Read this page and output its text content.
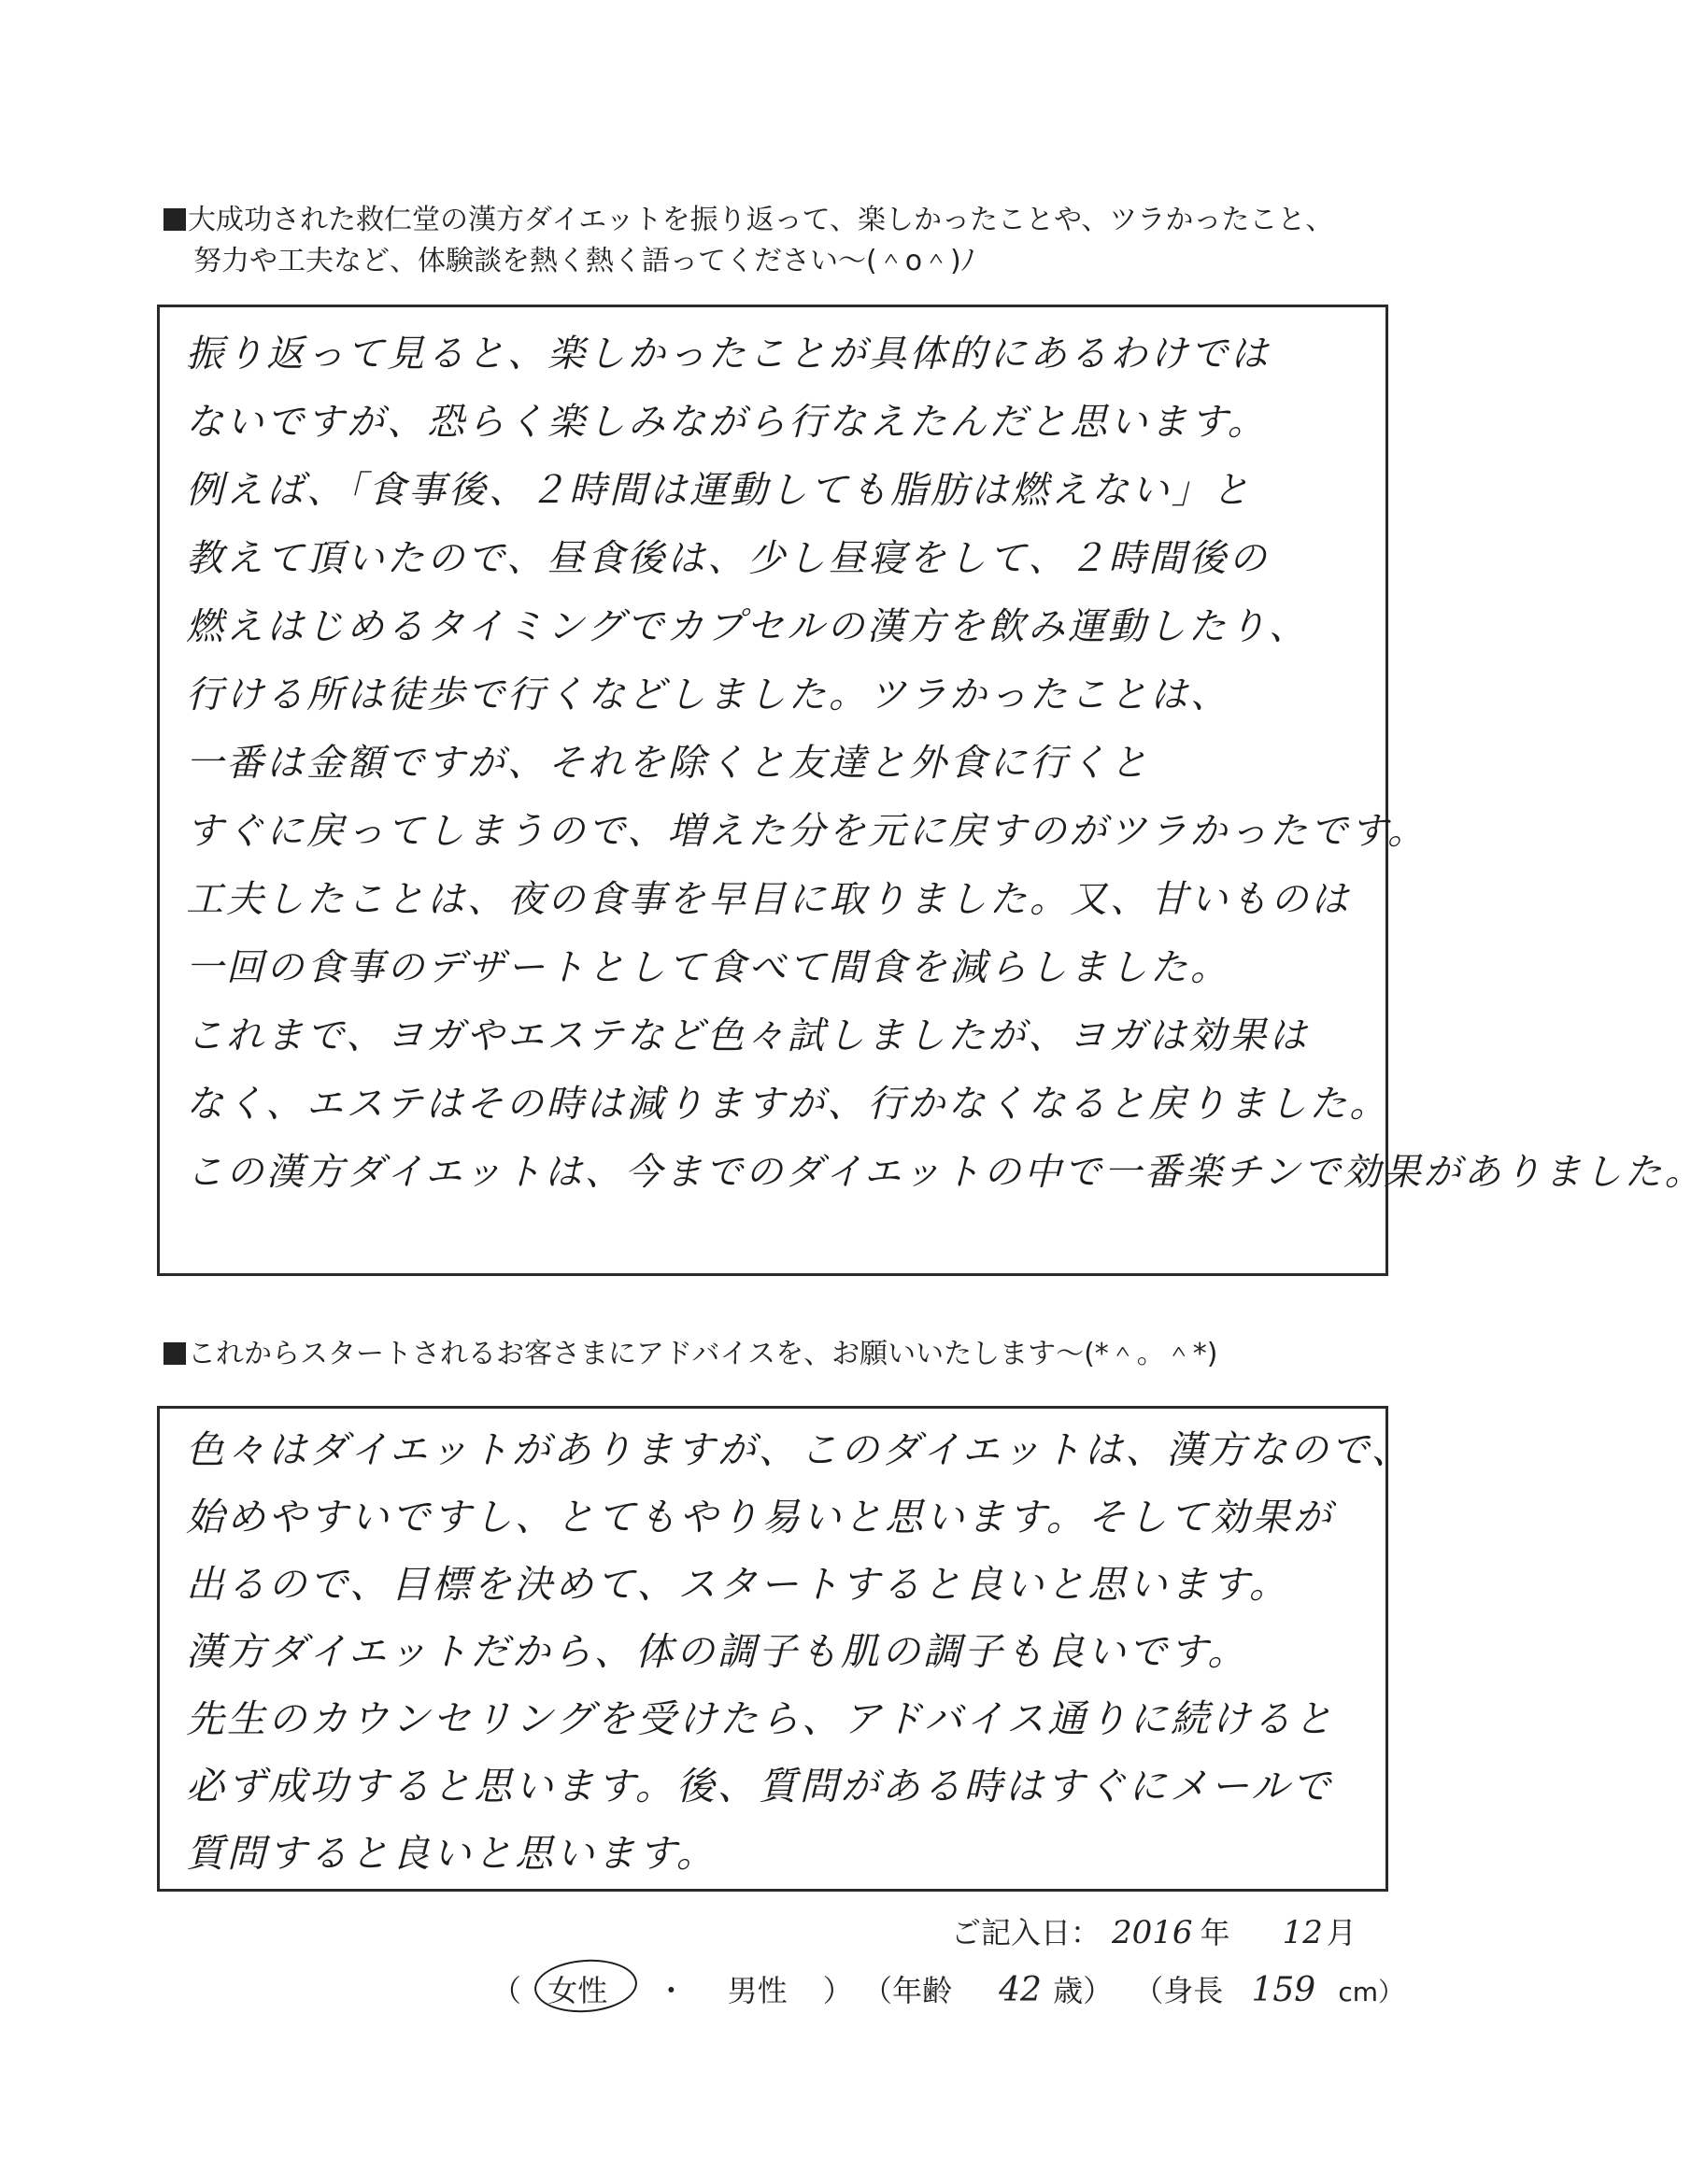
大成功された救仁堂の漢方ダイエットを振り返って、楽しかったことや、ツラかったこと、
努力や工夫など、体験談を熱く熱く語ってください～(＾o＾)ﾉ
振り返って見ると、楽しかったことが具体的にあるわけでは
ないですが、恐らく楽しみながら行なえたんだと思います。
例えば、「食事後、２時間は運動しても脂肪は燃えない」と
教えて頂いたので、昼食後は、少し昼寝をして、２時間後の
燃えはじめるタイミングでカプセルの漢方を飲み運動したり、
行ける所は徒歩で行くなどしました。ツラかったことは、
一番は金額ですが、それを除くと友達と外食に行くと
すぐに戻ってしまうので、増えた分を元に戻すのがツラかったです。
工夫したことは、夜の食事を早目に取りました。又、甘いものは
一回の食事のデザートとして食べて間食を減らしました。
これまで、ヨガやエステなど色々試しましたが、ヨガは効果は
なく、エステはその時は減りますが、行かなくなると戻りました。
この漢方ダイエットは、今までのダイエットの中で一番楽チンで効果がありました。
これからスタートされるお客さまにアドバイスを、お願いいたします～(*＾。＾*)
色々はダイエットがありますが、このダイエットは、漢方なので、
始めやすいですし、とてもやり易いと思います。そして効果が
出るので、目標を決めて、スタートすると良いと思います。
漢方ダイエットだから、体の調子も肌の調子も良いです。
先生のカウンセリングを受けたら、アドバイス通りに続けると
必ず成功すると思います。後、質問がある時はすぐにメールで
質問すると良いと思います。
ご記入日： 2016 年 12 月
（ 女性 ・ 男性 ） （年齢 42 歳） （身長 159 cm）
